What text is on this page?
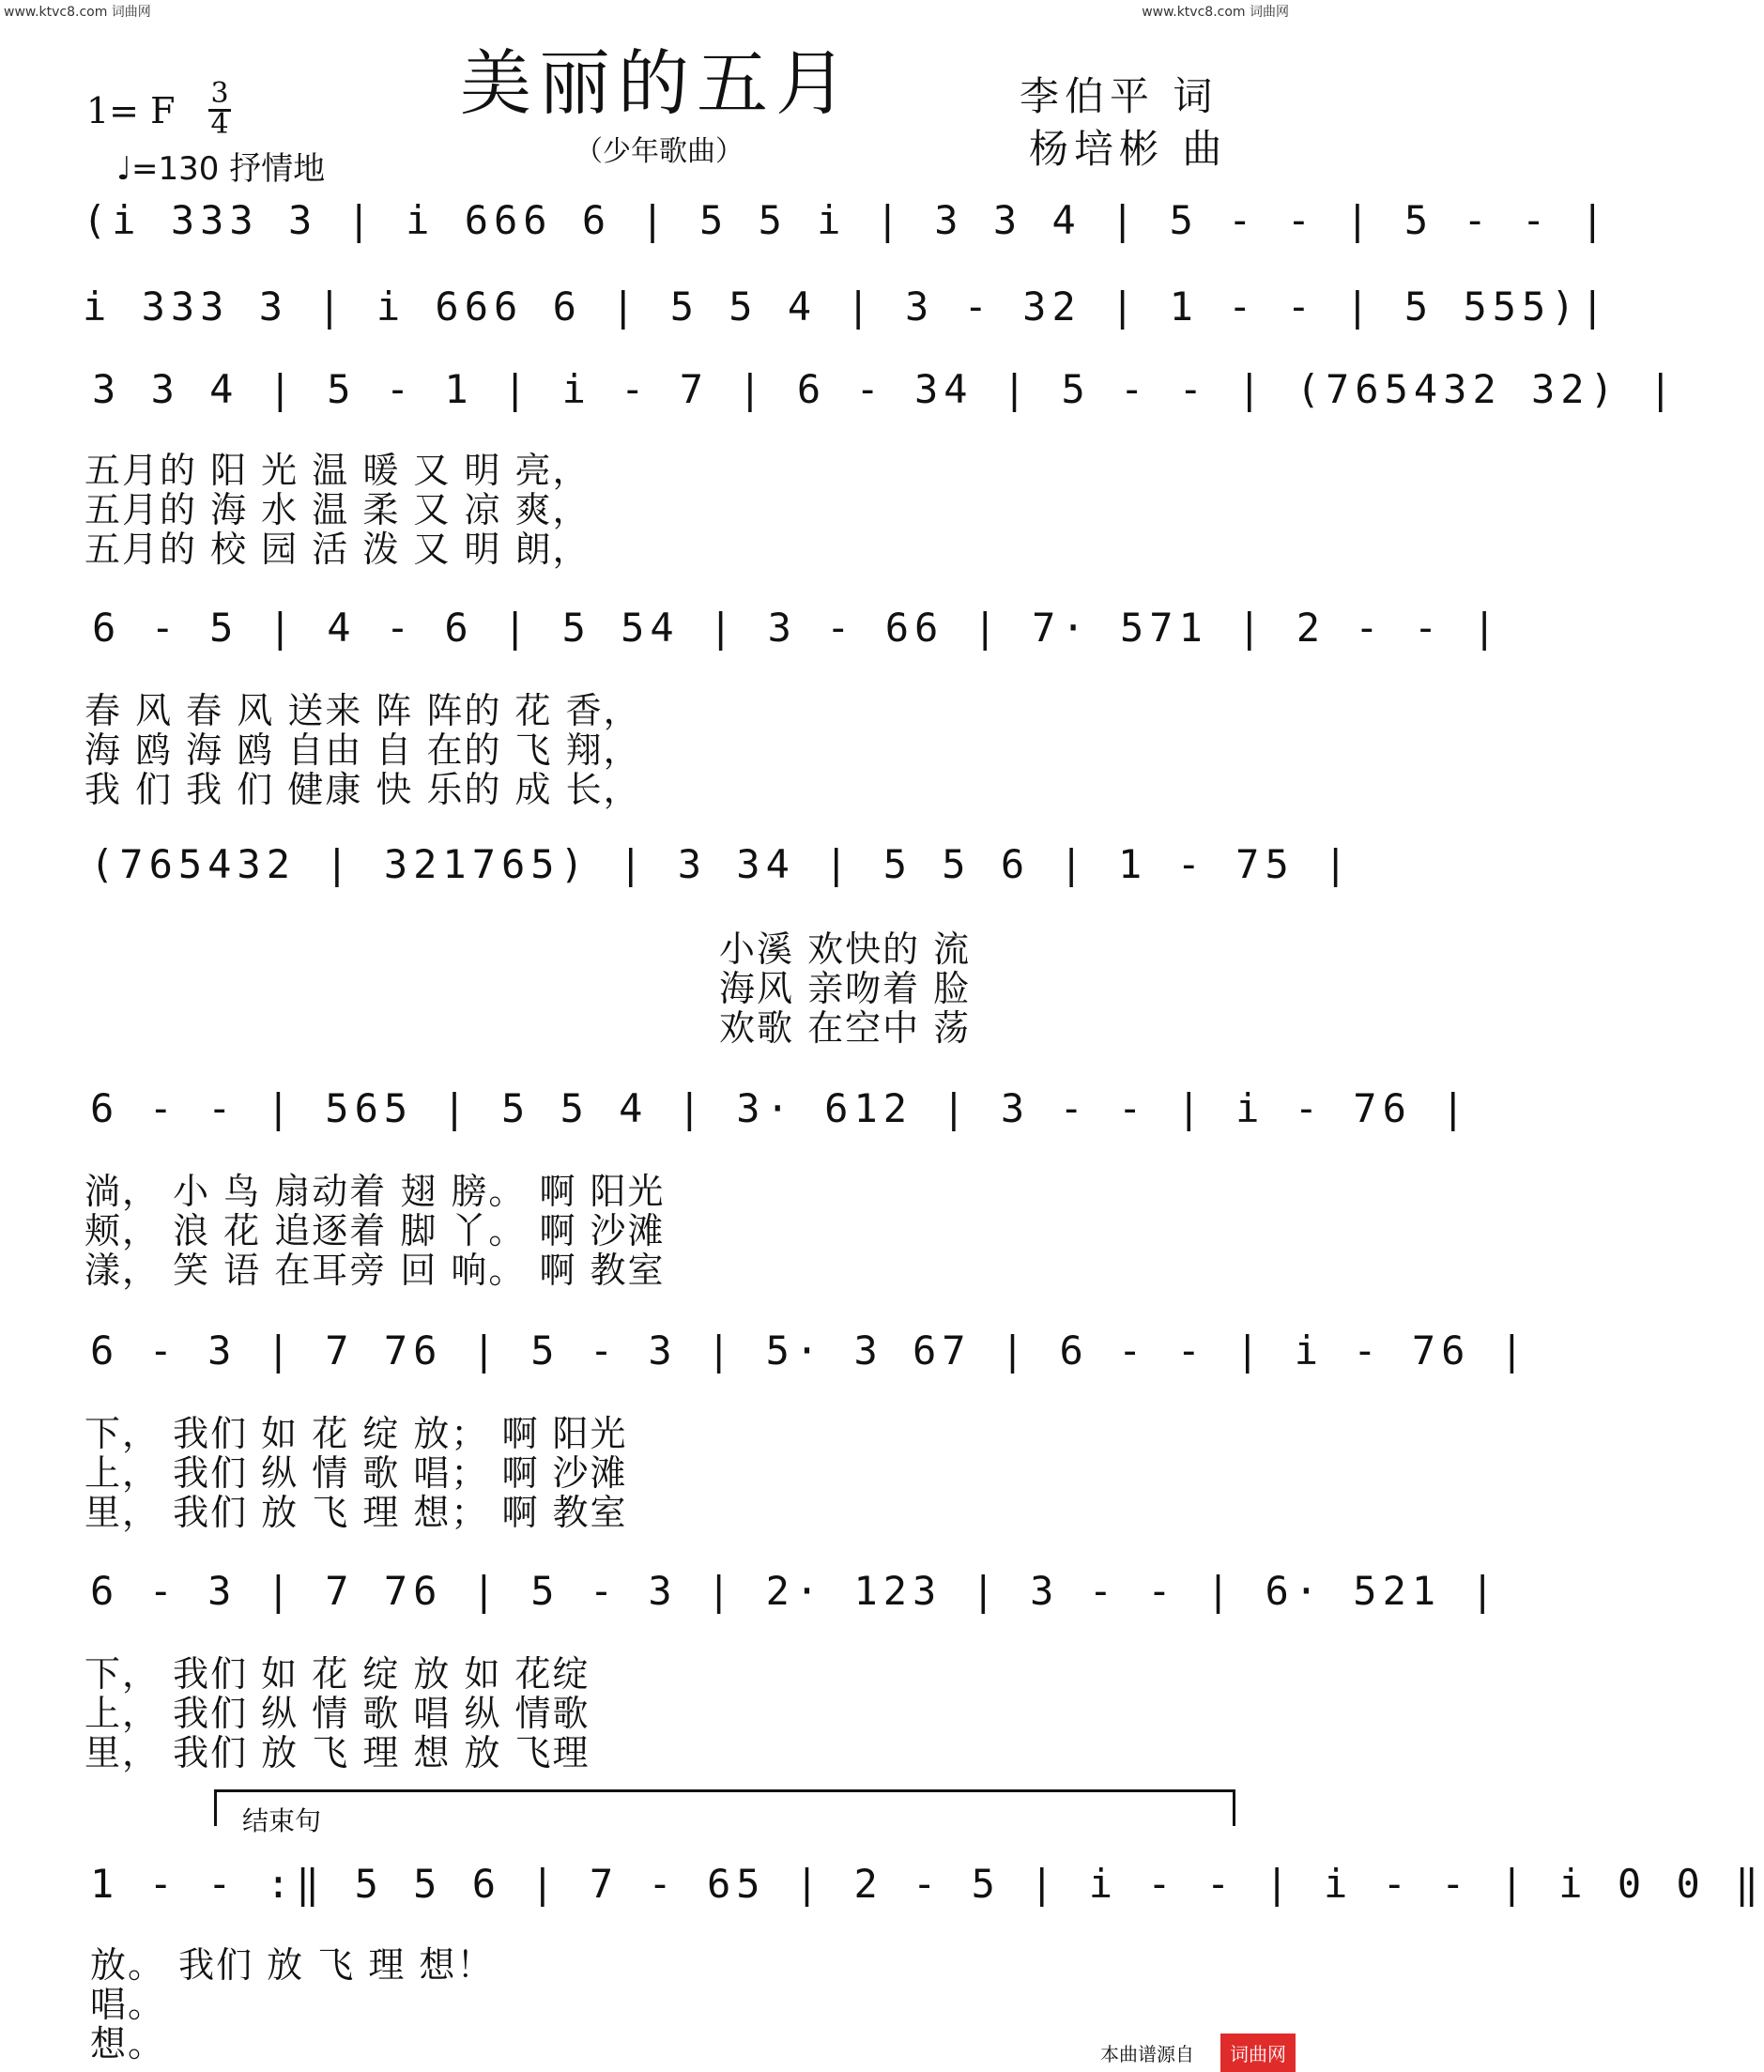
www.ktvc8.com 词曲网	www.ktvc8.com 词曲网
美丽的五月
（少年歌曲）
李伯平 词
杨培彬 曲
1= F 3
4
♩=130 抒情地
(i 333 3 | i 666 6 | 5 5 i | 3 3 4 | 5 - - | 5 - - |
i 333 3 | i 666 6 | 5 5 4 | 3 - 32 | 1 - - | 5 555)|
3 3 4 | 5 - 1 | i - 7 | 6 - 34 | 5 - - | (765432 32) |
五月的 阳 光 温 暖 又 明 亮，
五月的 海 水 温 柔 又 凉 爽，
五月的 校 园 活 泼 又 明 朗，
6 - 5 | 4 - 6 | 5 54 | 3 - 66 | 7· 571 | 2 - - |
春 风 春 风 送来 阵 阵的 花 香，
海 鸥 海 鸥 自由 自 在的 飞 翔，
我 们 我 们 健康 快 乐的 成 长，
(765432 | 321765) | 3 34 | 5 5 6 | 1 - 75 |
小溪 欢快的 流
海风 亲吻着 脸
欢歌 在空中 荡
6 - - | 565 | 5 5 4 | 3· 612 | 3 - - | i - 76 |
淌， 小 鸟 扇动着 翅 膀。 啊 阳光
颊， 浪 花 追逐着 脚 丫。 啊 沙滩
漾， 笑 语 在耳旁 回 响。 啊 教室
6 - 3 | 7 76 | 5 - 3 | 5· 3 67 | 6 - - | i - 76 |
下， 我们 如 花 绽 放； 啊 阳光
上， 我们 纵 情 歌 唱； 啊 沙滩
里， 我们 放 飞 理 想； 啊 教室
6 - 3 | 7 76 | 5 - 3 | 2· 123 | 3 - - | 6· 521 |
下， 我们 如 花 绽 放 如 花绽
上， 我们 纵 情 歌 唱 纵 情歌
里， 我们 放 飞 理 想 放 飞理
结束句
1 - - :‖ 5 5 6 | 7 - 65 | 2 - 5 | i - - | i - - | i 0 0 ‖
放。 我们 放 飞 理 想！
唱。
想。	本曲谱源自	词曲网
